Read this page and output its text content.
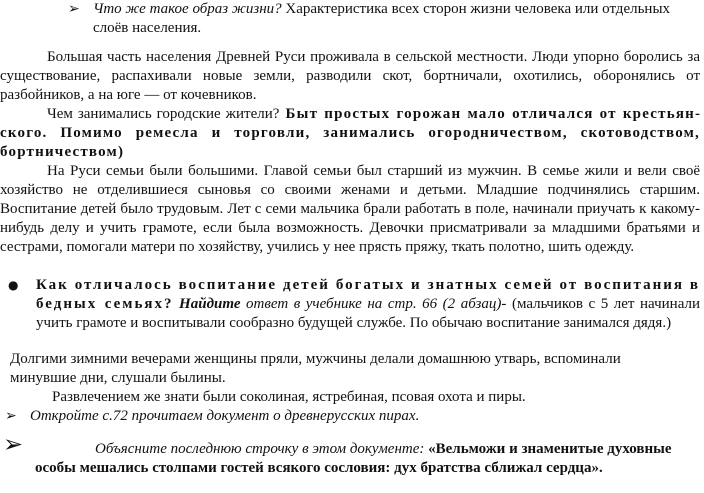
➢ Что же такое образ жизни? Характеристика всех сторон жизни человека или отдельных слоёв населения.

Большая часть населения Древней Руси проживала в сельской местности. Люди упорно боролись за существование, распахивали новые земли, разводили скот, бортничали, охотились, оборонялись от разбойников, а на юге — от кочевников.

Чем занимались городские жители? Быт простых горожан мало отличался от крестьянского. Помимо ремесла и торговли, занимались огородничеством, скотоводством, бортничеством)

На Руси семьи были большими. Главой семьи был старший из мужчин. В семье жили и вели своё хозяйство не отделившиеся сыновья со своими женами и детьми. Младшие подчинялись старшим. Воспитание детей было трудовым. Лет с семи мальчика брали работать в поле, начинали приучать к какому-нибудь делу и учить грамоте, если была возможность. Девочки присматривали за младшими братьями и сестрами, помогали матери по хозяйству, учились у нее прясть пряжу, ткать полотно, шить одежду.

● Как отличалось воспитание детей богатых и знатных семей от воспитания в бедных семьях? Найдите ответ в учебнике на стр. 66 (2 абзац)- (мальчиков с 5 лет начинали учить грамоте и воспитывали сообразно будущей службе. По обычаю воспитание занимался дядя.)

Долгими зимними вечерами женщины пряли, мужчины делали домашнюю утварь, вспоминали минувшие дни, слушали былины.

Развлечением же знати были соколиная, ястребиная, псовая охота и пиры.

➢ Откройте с.72 прочитаем документ о древнерусских пирах.

➢	Объясните последнюю строчку в этом документе: «Вельможи и знаменитые духовные особы мешались столпами гостей всякого сословия: дух братства сближал сердца».
